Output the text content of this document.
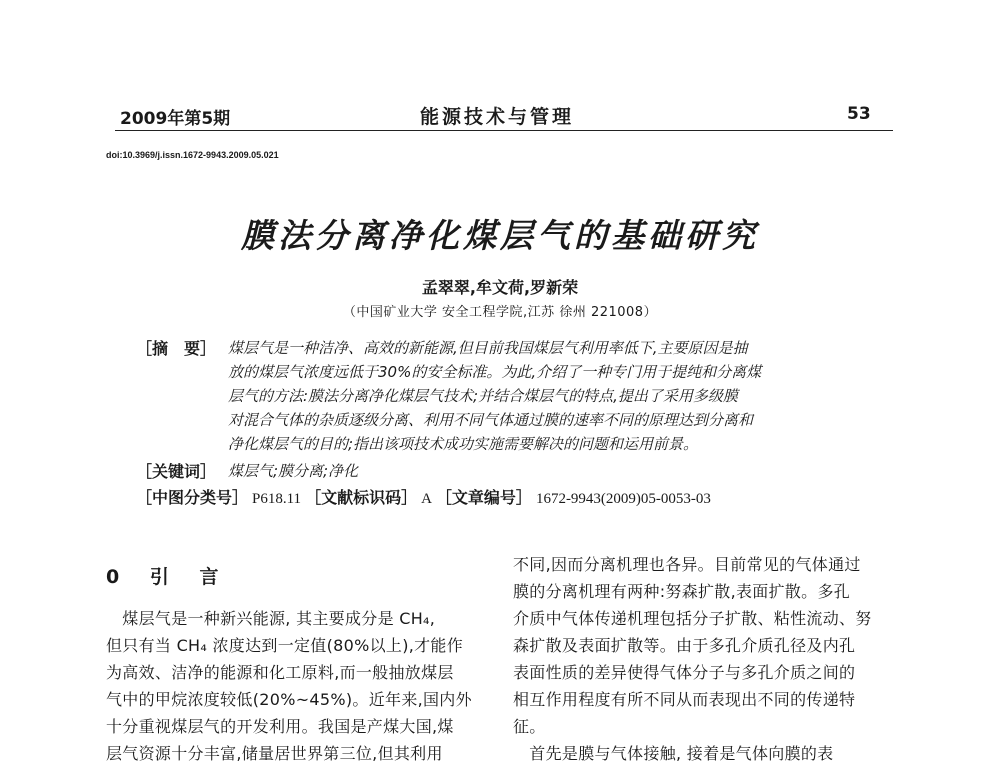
2009年第5期	能源技术与管理	53
doi:10.3969/j.issn.1672-9943.2009.05.021
膜法分离净化煤层气的基础研究
孟翠翠,牟文荷,罗新荣
（中国矿业大学 安全工程学院,江苏 徐州 221008）
［摘　要］ 煤层气是一种洁净、高效的新能源,但目前我国煤层气利用率低下,主要原因是抽
放的煤层气浓度远低于30%的安全标准。为此,介绍了一种专门用于提纯和分离煤
层气的方法:膜法分离净化煤层气技术;并结合煤层气的特点,提出了采用多级膜
对混合气体的杂质逐级分离、利用不同气体通过膜的速率不同的原理达到分离和
净化煤层气的目的;指出该项技术成功实施需要解决的问题和运用前景。
［关键词］ 煤层气;膜分离;净化
［中图分类号］ P618.11 ［文献标识码］ A ［文章编号］ 1672-9943(2009)05-0053-03
0 引 言
　煤层气是一种新兴能源, 其主要成分是 CH₄,
但只有当 CH₄ 浓度达到一定值(80%以上),才能作
为高效、洁净的能源和化工原料,而一般抽放煤层
气中的甲烷浓度较低(20%~45%)。近年来,国内外
十分重视煤层气的开发利用。我国是产煤大国,煤
层气资源十分丰富,储量居世界第三位,但其利用
不同,因而分离机理也各异。目前常见的气体通过
膜的分离机理有两种:努森扩散,表面扩散。多孔
介质中气体传递机理包括分子扩散、粘性流动、努
森扩散及表面扩散等。由于多孔介质孔径及内孔
表面性质的差异使得气体分子与多孔介质之间的
相互作用程度有所不同从而表现出不同的传递特
征。
　首先是膜与气体接触, 接着是气体向膜的表
